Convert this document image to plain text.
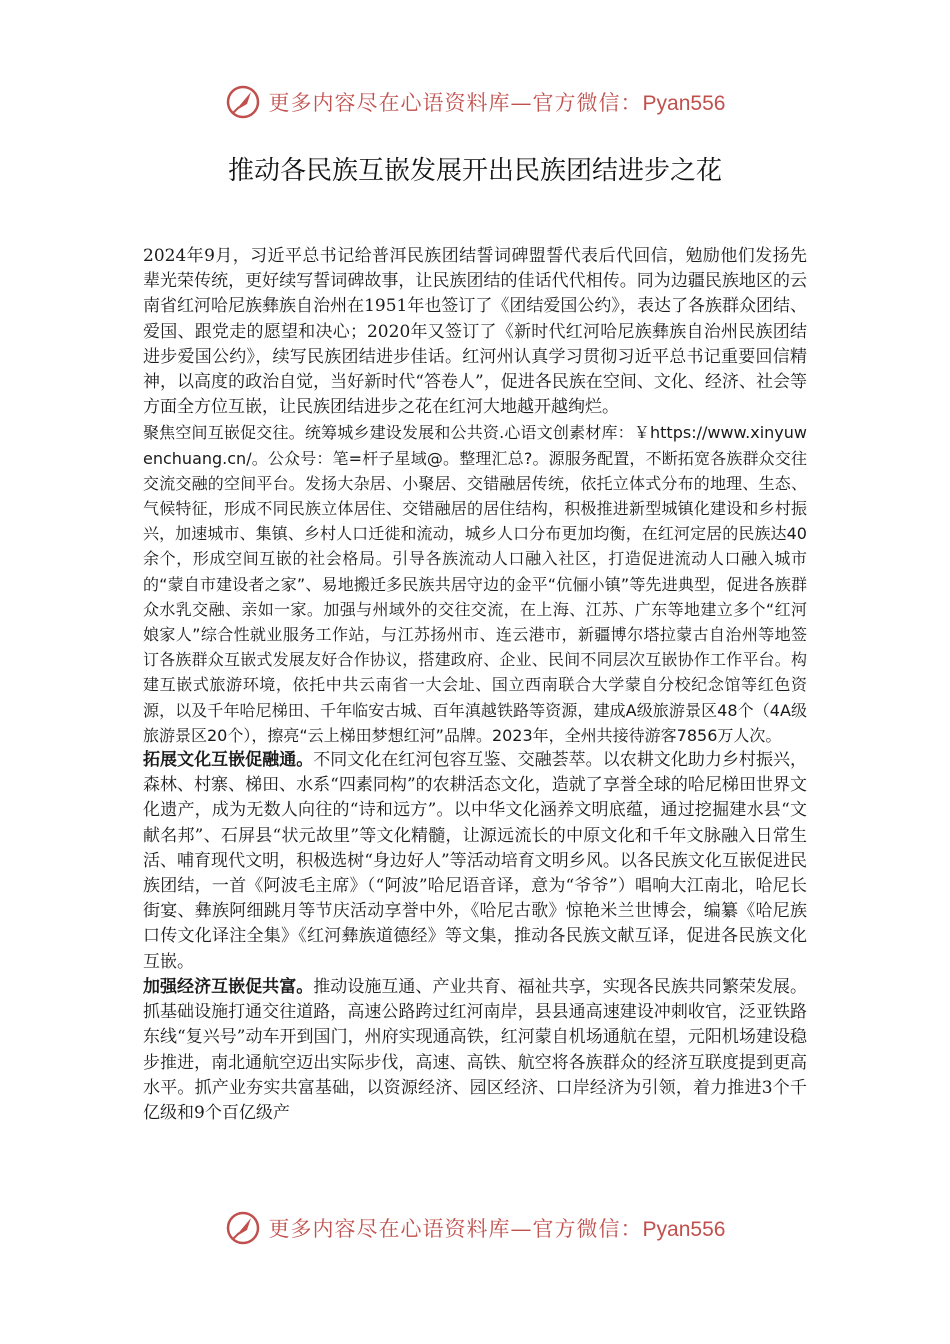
更多内容尽在心语资料库—官方微信：Pyan556
推动各民族互嵌发展开出民族团结进步之花

2024年9月，习近平总书记给普洱民族团结誓词碑盟誓代表后代回信，勉励他们发扬先辈光荣传统，更好续写誓词碑故事，让民族团结的佳话代代相传。同为边疆民族地区的云南省红河哈尼族彝族自治州在1951年也签订了《团结爱国公约》，表达了各族群众团结、爱国、跟党走的愿望和决心；2020年又签订了《新时代红河哈尼族彝族自治州民族团结进步爱国公约》，续写民族团结进步佳话。红河州认真学习贯彻习近平总书记重要回信精神，以高度的政治自觉，当好新时代“答卷人”，促进各民族在空间、文化、经济、社会等方面全方位互嵌，让民族团结进步之花在红河大地越开越绚烂。

聚焦空间互嵌促交往。统筹城乡建设发展和公共资.心语文创素材库：￥https://www.xinyuwenchuang.cn/。公众号：笔=杆子星域@。整理汇总?。源服务配置，不断拓宽各族群众交往交流交融的空间平台。发扬大杂居、小聚居、交错融居传统，依托立体式分布的地理、生态、气候特征，形成不同民族立体居住、交错融居的居住结构，积极推进新型城镇化建设和乡村振兴，加速城市、集镇、乡村人口迁徙和流动，城乡人口分布更加均衡，在红河定居的民族达40余个，形成空间互嵌的社会格局。引导各族流动人口融入社区，打造促进流动人口融入城市的“蒙自市建设者之家”、易地搬迁多民族共居守边的金平“伉俪小镇”等先进典型，促进各族群众水乳交融、亲如一家。加强与州域外的交往交流，在上海、江苏、广东等地建立多个“红河娘家人”综合性就业服务工作站，与江苏扬州市、连云港市，新疆博尔塔拉蒙古自治州等地签订各族群众互嵌式发展友好合作协议，搭建政府、企业、民间不同层次互嵌协作工作平台。构建互嵌式旅游环境，依托中共云南省一大会址、国立西南联合大学蒙自分校纪念馆等红色资源，以及千年哈尼梯田、千年临安古城、百年滇越铁路等资源，建成A级旅游景区48个（4A级旅游景区20个），擦亮“云上梯田梦想红河”品牌。2023年，全州共接待游客7856万人次。

拓展文化互嵌促融通。不同文化在红河包容互鉴、交融荟萃。以农耕文化助力乡村振兴，森林、村寨、梯田、水系“四素同构”的农耕活态文化，造就了享誉全球的哈尼梯田世界文化遗产，成为无数人向往的“诗和远方”。以中华文化涵养文明底蕴，通过挖掘建水县“文献名邦”、石屏县“状元故里”等文化精髓，让源远流长的中原文化和千年文脉融入日常生活、哺育现代文明，积极选树“身边好人”等活动培育文明乡风。以各民族文化互嵌促进民族团结，一首《阿波毛主席》（“阿波”哈尼语音译，意为“爷爷”）唱响大江南北，哈尼长街宴、彝族阿细跳月等节庆活动享誉中外，《哈尼古歌》惊艳米兰世博会，编纂《哈尼族口传文化译注全集》《红河彝族道德经》等文集，推动各民族文献互译，促进各民族文化互嵌。

加强经济互嵌促共富。推动设施互通、产业共育、福祉共享，实现各民族共同繁荣发展。抓基础设施打通交往道路，高速公路跨过红河南岸，县县通高速建设冲刺收官，泛亚铁路东线“复兴号”动车开到国门，州府实现通高铁，红河蒙自机场通航在望，元阳机场建设稳步推进，南北通航空迈出实际步伐，高速、高铁、航空将各族群众的经济互联度提到更高水平。抓产业夯实共富基础，以资源经济、园区经济、口岸经济为引领，着力推进3个千亿级和9个百亿级产

更多内容尽在心语资料库—官方微信：Pyan556
